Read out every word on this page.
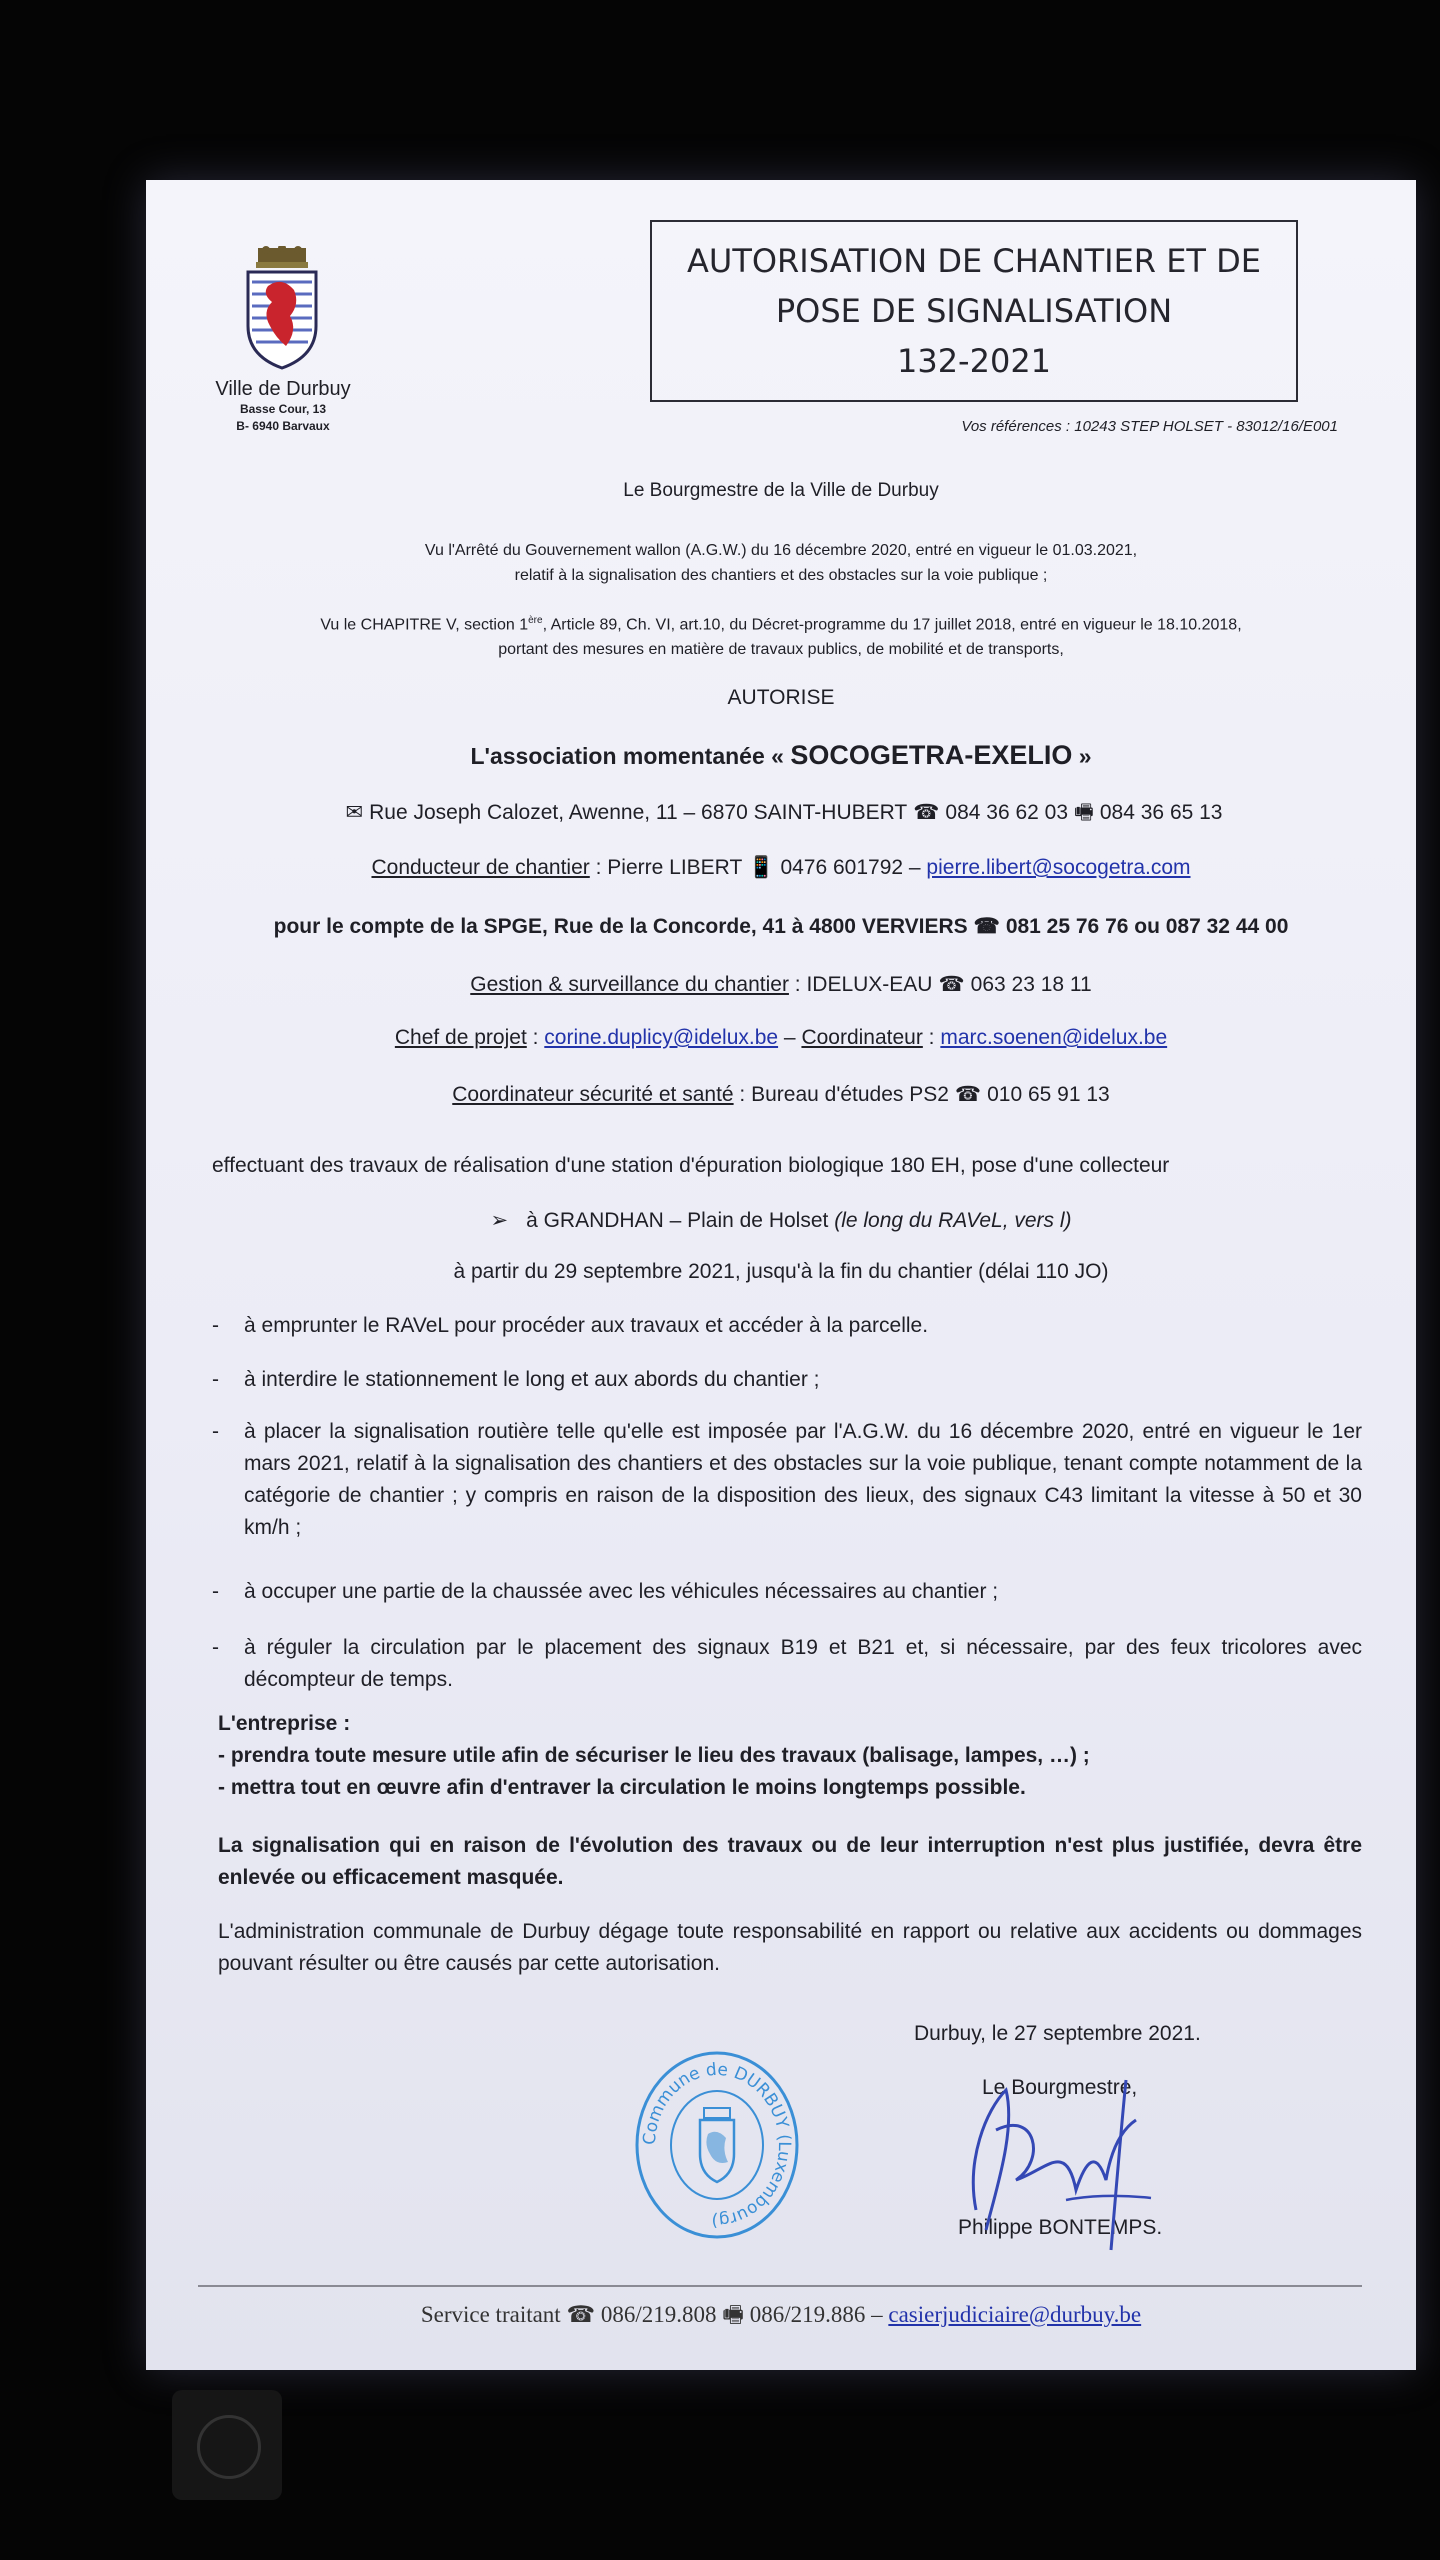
Ville de Durbuy
Basse Cour, 13
B- 6940 Barvaux
AUTORISATION DE CHANTIER ET DE
POSE DE SIGNALISATION
132-2021
Vos références : 10243 STEP HOLSET - 83012/16/E001
Le Bourgmestre de la Ville de Durbuy
Vu l'Arrêté du Gouvernement wallon (A.G.W.) du 16 décembre 2020, entré en vigueur le 01.03.2021,
relatif à la signalisation des chantiers et des obstacles sur la voie publique ;
Vu le CHAPITRE V, section 1ère, Article 89, Ch. VI, art.10, du Décret-programme du 17 juillet 2018, entré en vigueur le 18.10.2018,
portant des mesures en matière de travaux publics, de mobilité et de transports,
AUTORISE
L'association momentanée « SOCOGETRA-EXELIO »
✉ Rue Joseph Calozet, Awenne, 11 – 6870 SAINT-HUBERT ☎ 084 36 62 03 🖷 084 36 65 13
Conducteur de chantier : Pierre LIBERT 📱 0476 601792 – pierre.libert@socogetra.com
pour le compte de la SPGE, Rue de la Concorde, 41 à 4800 VERVIERS ☎ 081 25 76 76 ou 087 32 44 00
Gestion & surveillance du chantier : IDELUX-EAU ☎ 063 23 18 11
Chef de projet : corine.duplicy@idelux.be – Coordinateur : marc.soenen@idelux.be
Coordinateur sécurité et santé : Bureau d'études PS2 ☎ 010 65 91 13
effectuant des travaux de réalisation d'une station d'épuration biologique 180 EH, pose d'une collecteur
➢ à GRANDHAN – Plain de Holset (le long du RAVeL, vers l)
à partir du 29 septembre 2021, jusqu'à la fin du chantier (délai 110 JO)
- à emprunter le RAVeL pour procéder aux travaux et accéder à la parcelle.
- à interdire le stationnement le long et aux abords du chantier ;
- à placer la signalisation routière telle qu'elle est imposée par l'A.G.W. du 16 décembre 2020, entré en vigueur le 1er mars 2021, relatif à la signalisation des chantiers et des obstacles sur la voie publique, tenant compte notamment de la catégorie de chantier ; y compris en raison de la disposition des lieux, des signaux C43 limitant la vitesse à 50 et 30 km/h ;
- à occuper une partie de la chaussée avec les véhicules nécessaires au chantier ;
- à réguler la circulation par le placement des signaux B19 et B21 et, si nécessaire, par des feux tricolores avec décompteur de temps.
L'entreprise :
- prendra toute mesure utile afin de sécuriser le lieu des travaux (balisage, lampes, …) ;
- mettra tout en œuvre afin d'entraver la circulation le moins longtemps possible.
La signalisation qui en raison de l'évolution des travaux ou de leur interruption n'est plus justifiée, devra être enlevée ou efficacement masquée.
L'administration communale de Durbuy dégage toute responsabilité en rapport ou relative aux accidents ou dommages pouvant résulter ou être causés par cette autorisation.
Durbuy, le 27 septembre 2021.
Le Bourgmestre,
Philippe BONTEMPS.
Commune de DURBUY (Luxembourg)
Service traitant ☎ 086/219.808 🖷 086/219.886 – casierjudiciaire@durbuy.be
